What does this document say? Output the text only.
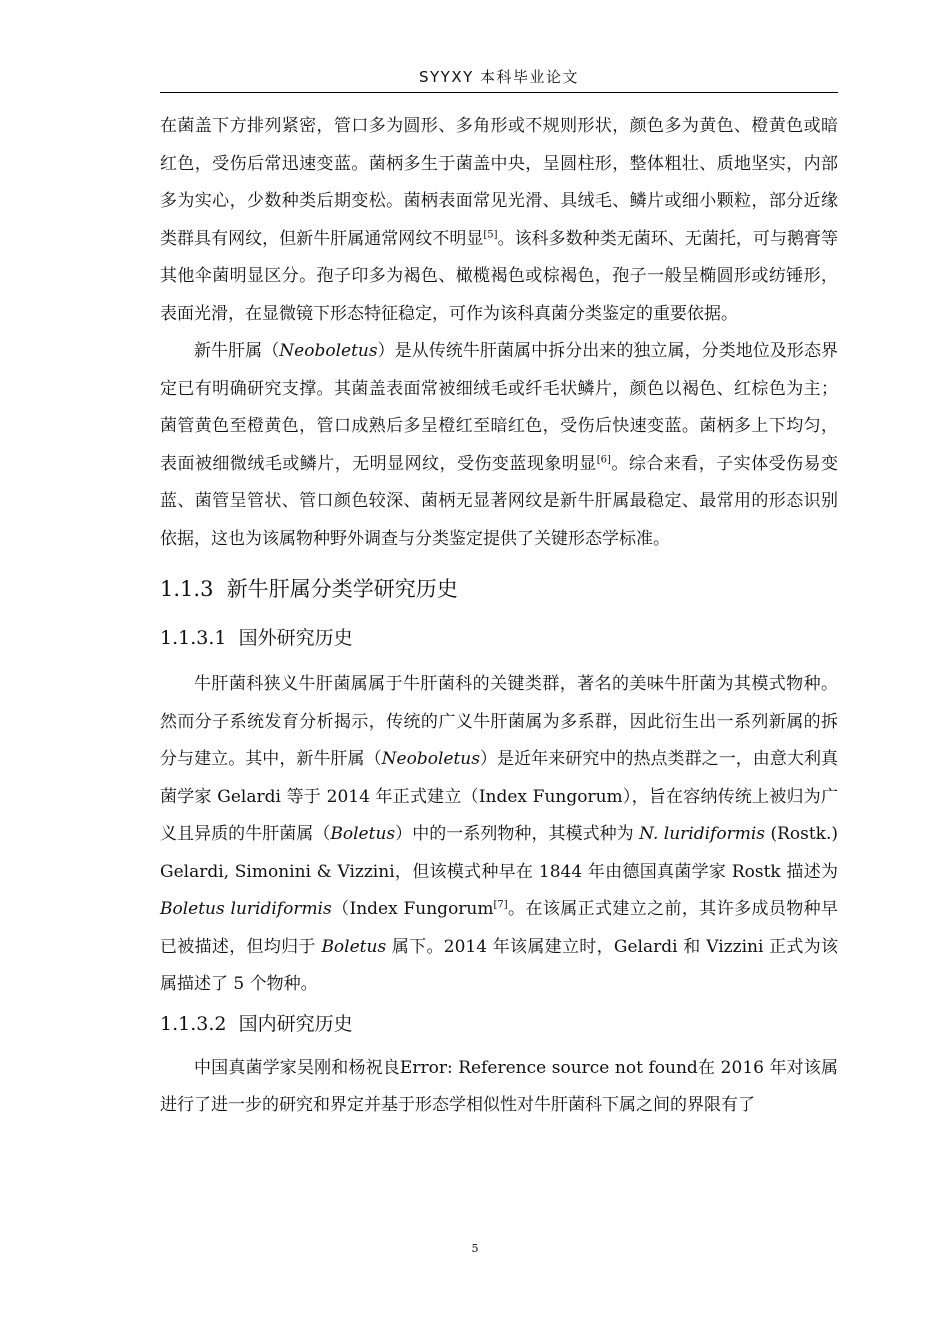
SYYXY 本科毕业论文

在菌盖下方排列紧密，管口多为圆形、多角形或不规则形状，颜色多为黄色、橙黄色或暗红色，受伤后常迅速变蓝。菌柄多生于菌盖中央，呈圆柱形，整体粗壮、质地坚实，内部多为实心，少数种类后期变松。菌柄表面常见光滑、具绒毛、鳞片或细小颗粒，部分近缘类群具有网纹，但新牛肝属通常网纹不明显[5]。该科多数种类无菌环、无菌托，可与鹅膏等其他伞菌明显区分。孢子印多为褐色、橄榄褐色或棕褐色，孢子一般呈椭圆形或纺锤形，表面光滑，在显微镜下形态特征稳定，可作为该科真菌分类鉴定的重要依据。

新牛肝属（Neoboletus）是从传统牛肝菌属中拆分出来的独立属，分类地位及形态界定已有明确研究支撑。其菌盖表面常被细绒毛或纤毛状鳞片，颜色以褐色、红棕色为主；菌管黄色至橙黄色，管口成熟后多呈橙红至暗红色，受伤后快速变蓝。菌柄多上下均匀，表面被细微绒毛或鳞片，无明显网纹，受伤变蓝现象明显[6]。综合来看，子实体受伤易变蓝、菌管呈管状、管口颜色较深、菌柄无显著网纹是新牛肝属最稳定、最常用的形态识别依据，这也为该属物种野外调查与分类鉴定提供了关键形态学标准。

1.1.3 新牛肝属分类学研究历史
1.1.3.1 国外研究历史

牛肝菌科狭义牛肝菌属属于牛肝菌科的关键类群，著名的美味牛肝菌为其模式物种。然而分子系统发育分析揭示，传统的广义牛肝菌属为多系群，因此衍生出一系列新属的拆分与建立。其中，新牛肝属（Neoboletus）是近年来研究中的热点类群之一，由意大利真菌学家 Gelardi 等于 2014 年正式建立（Index Fungorum），旨在容纳传统上被归为广义且异质的牛肝菌属（Boletus）中的一系列物种，其模式种为 N. luridiformis (Rostk.) Gelardi, Simonini & Vizzini，但该模式种早在 1844 年由德国真菌学家 Rostk 描述为 Boletus luridiformis（Index Fungorum[7]。在该属正式建立之前，其许多成员物种早已被描述，但均归于 Boletus 属下。2014 年该属建立时，Gelardi 和 Vizzini 正式为该属描述了 5 个物种。

1.1.3.2 国内研究历史

中国真菌学家吴刚和杨祝良Error: Reference source not found在 2016 年对该属进行了进一步的研究和界定并基于形态学相似性对牛肝菌科下属之间的界限有了

5
